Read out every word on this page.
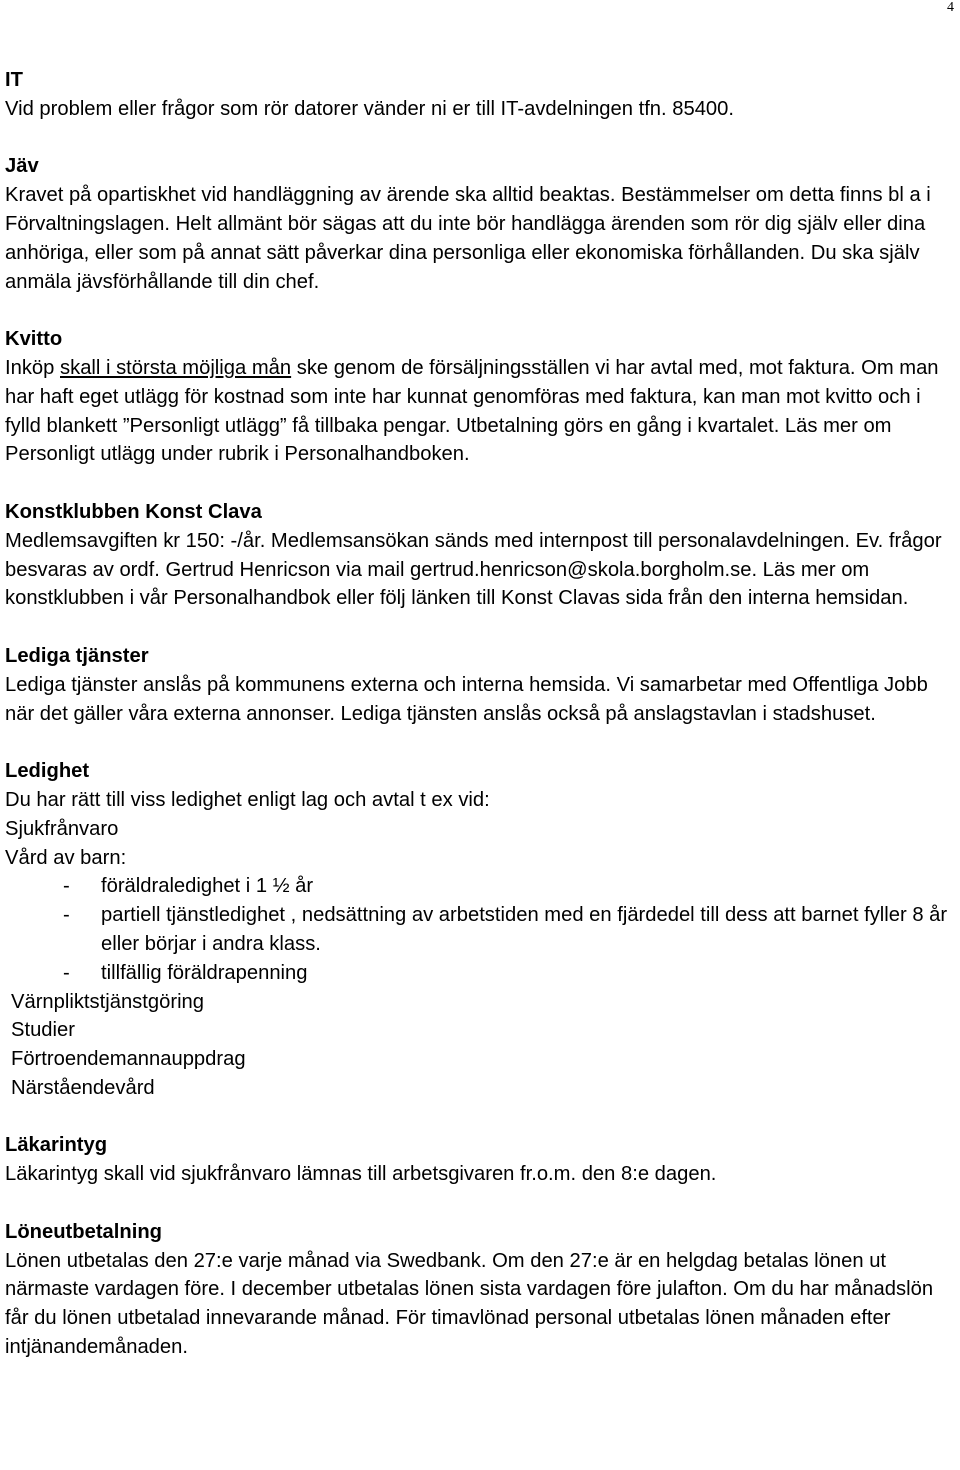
4
IT

Vid problem eller frågor som rör datorer vänder ni er till IT-avdelningen tfn. 85400.

Jäv

Kravet på opartiskhet vid handläggning av ärende ska alltid beaktas. Bestämmelser om detta finns bl a i Förvaltningslagen. Helt allmänt bör sägas att du inte bör handlägga ärenden som rör dig själv eller dina anhöriga, eller som på annat sätt påverkar dina personliga eller ekonomiska förhållanden. Du ska själv anmäla jävsförhållande till din chef.

Kvitto

Inköp skall i största möjliga mån ske genom de försäljningsställen vi har avtal med, mot faktura. Om man har haft eget utlägg för kostnad som inte har kunnat genomföras med faktura, kan man mot kvitto och i fylld blankett ”Personligt utlägg” få tillbaka pengar. Utbetalning görs en gång i kvartalet. Läs mer om Personligt utlägg under rubrik i Personalhandboken.

Konstklubben Konst Clava

Medlemsavgiften kr 150: -/år. Medlemsansökan sänds med internpost till personalavdelningen. Ev. frågor besvaras av ordf. Gertrud Henricson via mail gertrud.henricson@skola.borgholm.se. Läs mer om konstklubben i vår Personalhandbok eller följ länken till Konst Clavas sida från den interna hemsidan.

Lediga tjänster

Lediga tjänster anslås på kommunens externa och interna hemsida. Vi samarbetar med Offentliga Jobb när det gäller våra externa annonser. Lediga tjänsten anslås också på anslagstavlan i stadshuset.

Ledighet

Du har rätt till viss ledighet enligt lag och avtal t ex vid:

Sjukfrånvaro

Vård av barn:

-	föräldraledighet i 1 ½ år
-	partiell tjänstledighet , nedsättning av arbetstiden med en fjärdedel till dess att barnet fyller 8 år eller börjar i andra klass.
-	tillfällig föräldrapenning

Värnpliktstjänstgöring

Studier

Förtroendemannauppdrag

Närståendevård

Läkarintyg

Läkarintyg skall vid sjukfrånvaro lämnas till arbetsgivaren fr.o.m. den 8:e dagen.

Löneutbetalning

Lönen utbetalas den 27:e varje månad via Swedbank. Om den 27:e är en helgdag betalas lönen ut närmaste vardagen före. I december utbetalas lönen sista vardagen före julafton. Om du har månadslön får du lönen utbetalad innevarande månad. För timavlönad personal utbetalas lönen månaden efter intjänandemånaden.
